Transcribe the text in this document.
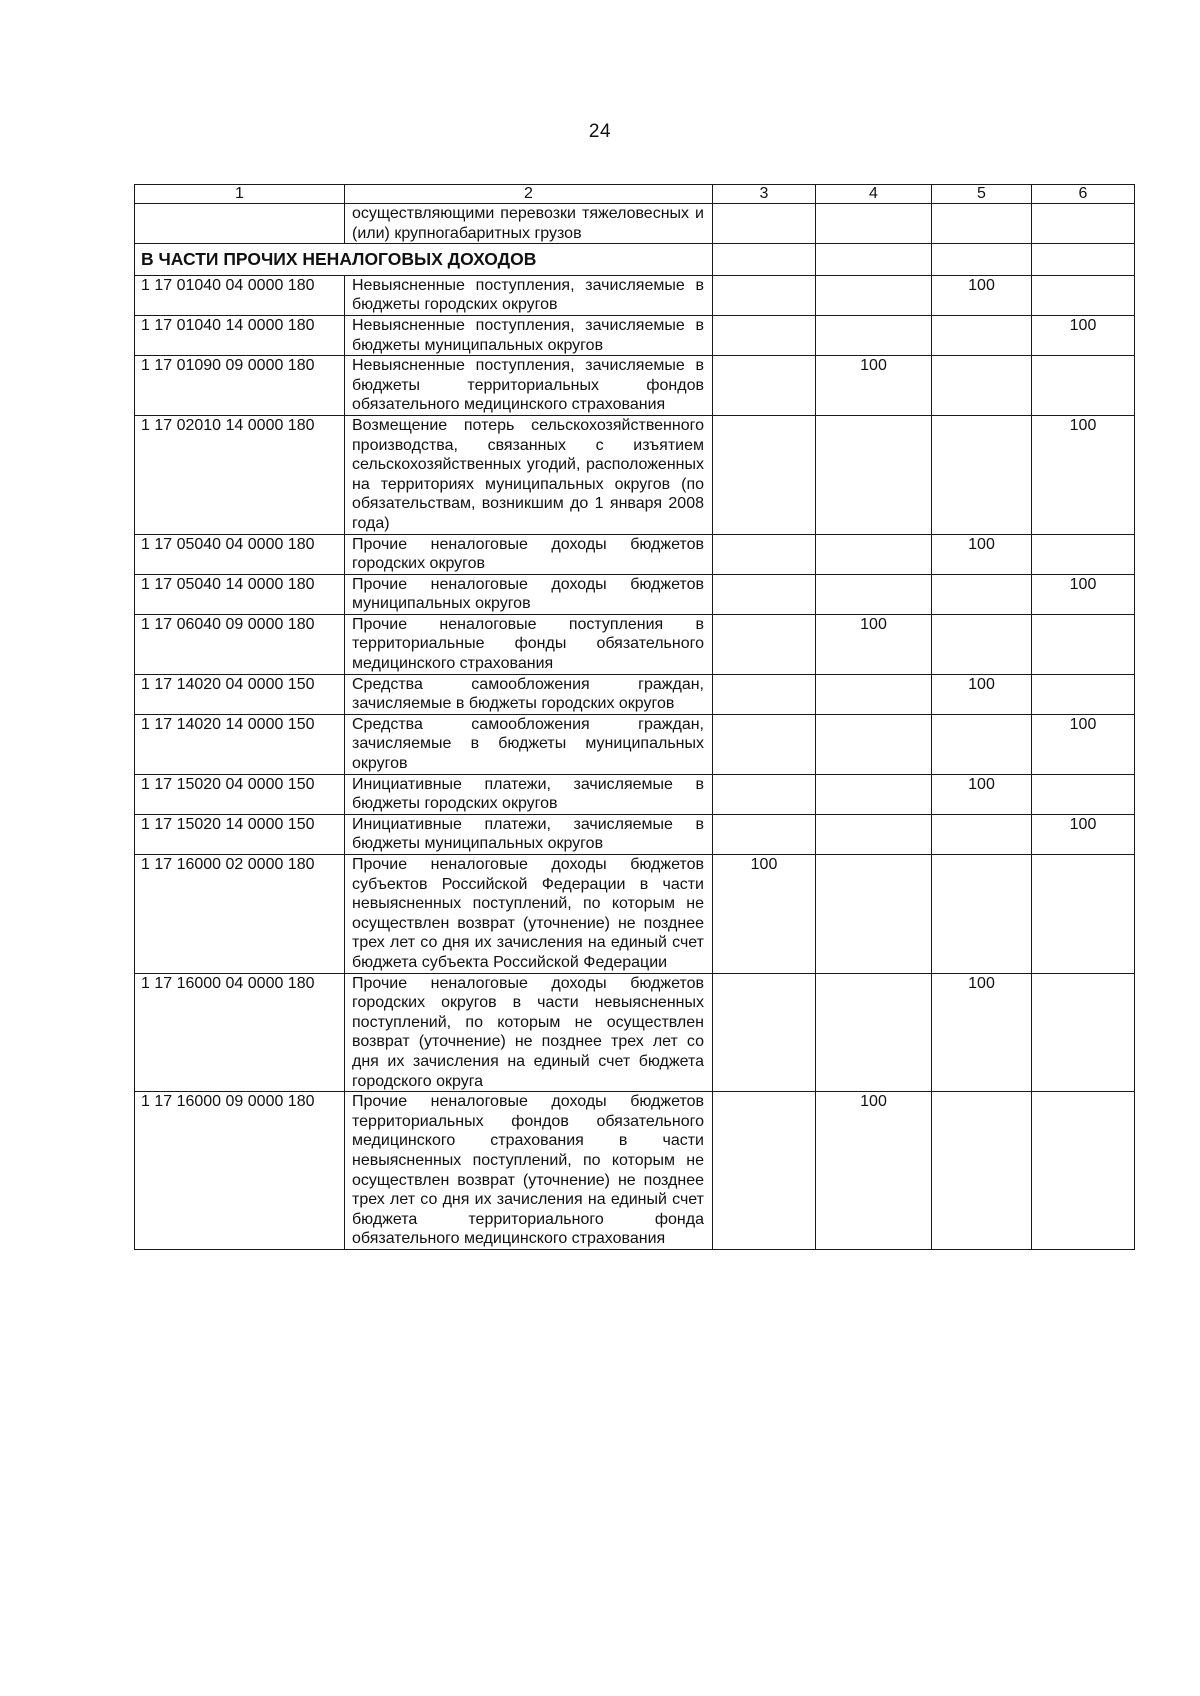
24
1	2	3	4	5	6
	осуществляющими перевозки тяжеловесных и (или) крупногабаритных грузов				
В ЧАСТИ ПРОЧИХ НЕНАЛОГОВЫХ ДОХОДОВ					
1 17 01040 04 0000 180	Невыясненные поступления, зачисляемые в бюджеты городских округов			100	
1 17 01040 14 0000 180	Невыясненные поступления, зачисляемые в бюджеты муниципальных округов				100
1 17 01090 09 0000 180	Невыясненные поступления, зачисляемые в бюджеты территориальных фондов обязательного медицинского страхования		100		
1 17 02010 14 0000 180	Возмещение потерь сельскохозяйственного производства, связанных с изъятием сельскохозяйственных угодий, расположенных на территориях муниципальных округов (по обязательствам, возникшим до 1 января 2008 года)				100
1 17 05040 04 0000 180	Прочие неналоговые доходы бюджетов городских округов			100	
1 17 05040 14 0000 180	Прочие неналоговые доходы бюджетов муниципальных округов				100
1 17 06040 09 0000 180	Прочие неналоговые поступления в территориальные фонды обязательного медицинского страхования		100		
1 17 14020 04 0000 150	Средства самообложения граждан, зачисляемые в бюджеты городских округов			100	
1 17 14020 14 0000 150	Средства самообложения граждан, зачисляемые в бюджеты муниципальных округов				100
1 17 15020 04 0000 150	Инициативные платежи, зачисляемые в бюджеты городских округов			100	
1 17 15020 14 0000 150	Инициативные платежи, зачисляемые в бюджеты муниципальных округов				100
1 17 16000 02 0000 180	Прочие неналоговые доходы бюджетов субъектов Российской Федерации в части невыясненных поступлений, по которым не осуществлен возврат (уточнение) не позднее трех лет со дня их зачисления на единый счет бюджета субъекта Российской Федерации	100			
1 17 16000 04 0000 180	Прочие неналоговые доходы бюджетов городских округов в части невыясненных поступлений, по которым не осуществлен возврат (уточнение) не позднее трех лет со дня их зачисления на единый счет бюджета городского округа			100	
1 17 16000 09 0000 180	Прочие неналоговые доходы бюджетов территориальных фондов обязательного медицинского страхования в части невыясненных поступлений, по которым не осуществлен возврат (уточнение) не позднее трех лет со дня их зачисления на единый счет бюджета территориального фонда обязательного медицинского страхования		100		
